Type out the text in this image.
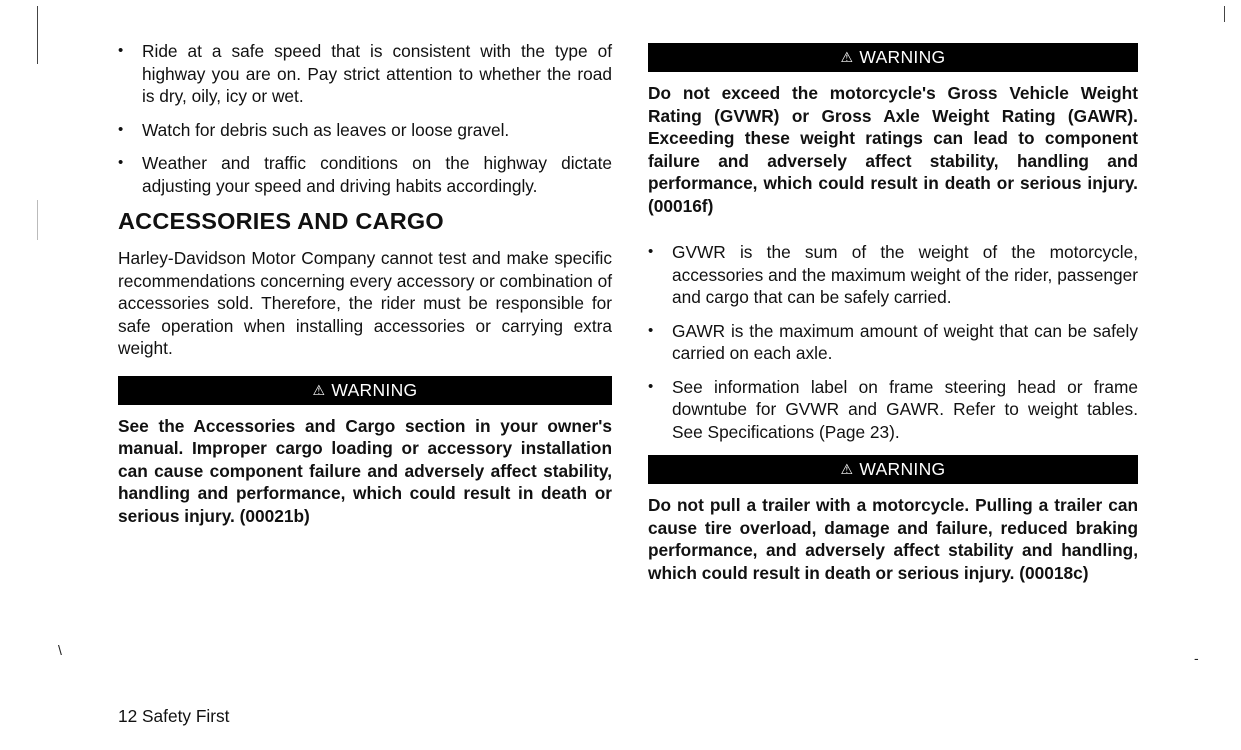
\	-
• Ride at a safe speed that is consistent with the type of highway you are on. Pay strict attention to whether the road is dry, oily, icy or wet.
• Watch for debris such as leaves or loose gravel.
• Weather and traffic conditions on the highway dictate adjusting your speed and driving habits accordingly.
ACCESSORIES AND CARGO

Harley-Davidson Motor Company cannot test and make specific recommendations concerning every accessory or combination of accessories sold. Therefore, the rider must be responsible for safe operation when installing accessories or carrying extra weight.

⚠ WARNING

See the Accessories and Cargo section in your owner's manual. Improper cargo loading or accessory installation can cause component failure and adversely affect stability, handling and performance, which could result in death or serious injury. (00021b)

⚠ WARNING

Do not exceed the motorcycle's Gross Vehicle Weight Rating (GVWR) or Gross Axle Weight Rating (GAWR). Exceeding these weight ratings can lead to component failure and adversely affect stability, handling and performance, which could result in death or serious injury. (00016f)

• GVWR is the sum of the weight of the motorcycle, accessories and the maximum weight of the rider, passenger and cargo that can be safely carried.
• GAWR is the maximum amount of weight that can be safely carried on each axle.
• See information label on frame steering head or frame downtube for GVWR and GAWR. Refer to weight tables. See Specifications (Page 23).
⚠ WARNING

Do not pull a trailer with a motorcycle. Pulling a trailer can cause tire overload, damage and failure, reduced braking performance, and adversely affect stability and handling, which could result in death or serious injury. (00018c)

12 Safety First
